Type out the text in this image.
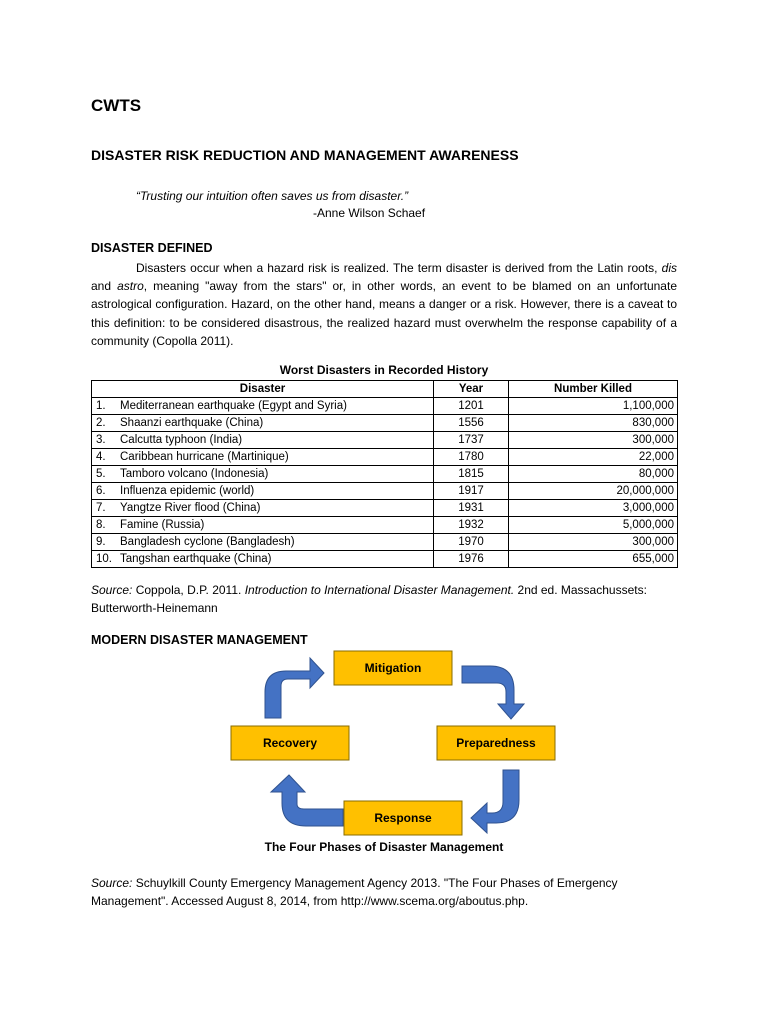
CWTS
DISASTER RISK REDUCTION AND MANAGEMENT AWARENESS
“Trusting our intuition often saves us from disaster.”
-Anne Wilson Schaef
DISASTER DEFINED
Disasters occur when a hazard risk is realized. The term disaster is derived from the Latin roots, dis and astro, meaning "away from the stars" or, in other words, an event to be blamed on an unfortunate astrological configuration. Hazard, on the other hand, means a danger or a risk. However, there is a caveat to this definition: to be considered disastrous, the realized hazard must overwhelm the response capability of a community (Copolla 2011).
Worst Disasters in Recorded History
Disaster		Year	Number Killed
1.	Mediterranean earthquake (Egypt and Syria)	1201	1,100,000
2.	Shaanzi earthquake (China)	1556	830,000
3.	Calcutta typhoon (India)	1737	300,000
4.	Caribbean hurricane (Martinique)	1780	22,000
5.	Tamboro volcano (Indonesia)	1815	80,000
6.	Influenza epidemic (world)	1917	20,000,000
7.	Yangtze River flood (China)	1931	3,000,000
8.	Famine (Russia)	1932	5,000,000
9.	Bangladesh cyclone (Bangladesh)	1970	300,000
10.	Tangshan earthquake (China)	1976	655,000
Source: Coppola, D.P. 2011. Introduction to International Disaster Management. 2nd ed. Massachussets: Butterworth-Heinemann
MODERN DISASTER MANAGEMENT
Mitigation
Preparedness
Response
Recovery
The Four Phases of Disaster Management
Source: Schuylkill County Emergency Management Agency 2013. "The Four Phases of Emergency Management". Accessed August 8, 2014, from http://www.scema.org/aboutus.php.
